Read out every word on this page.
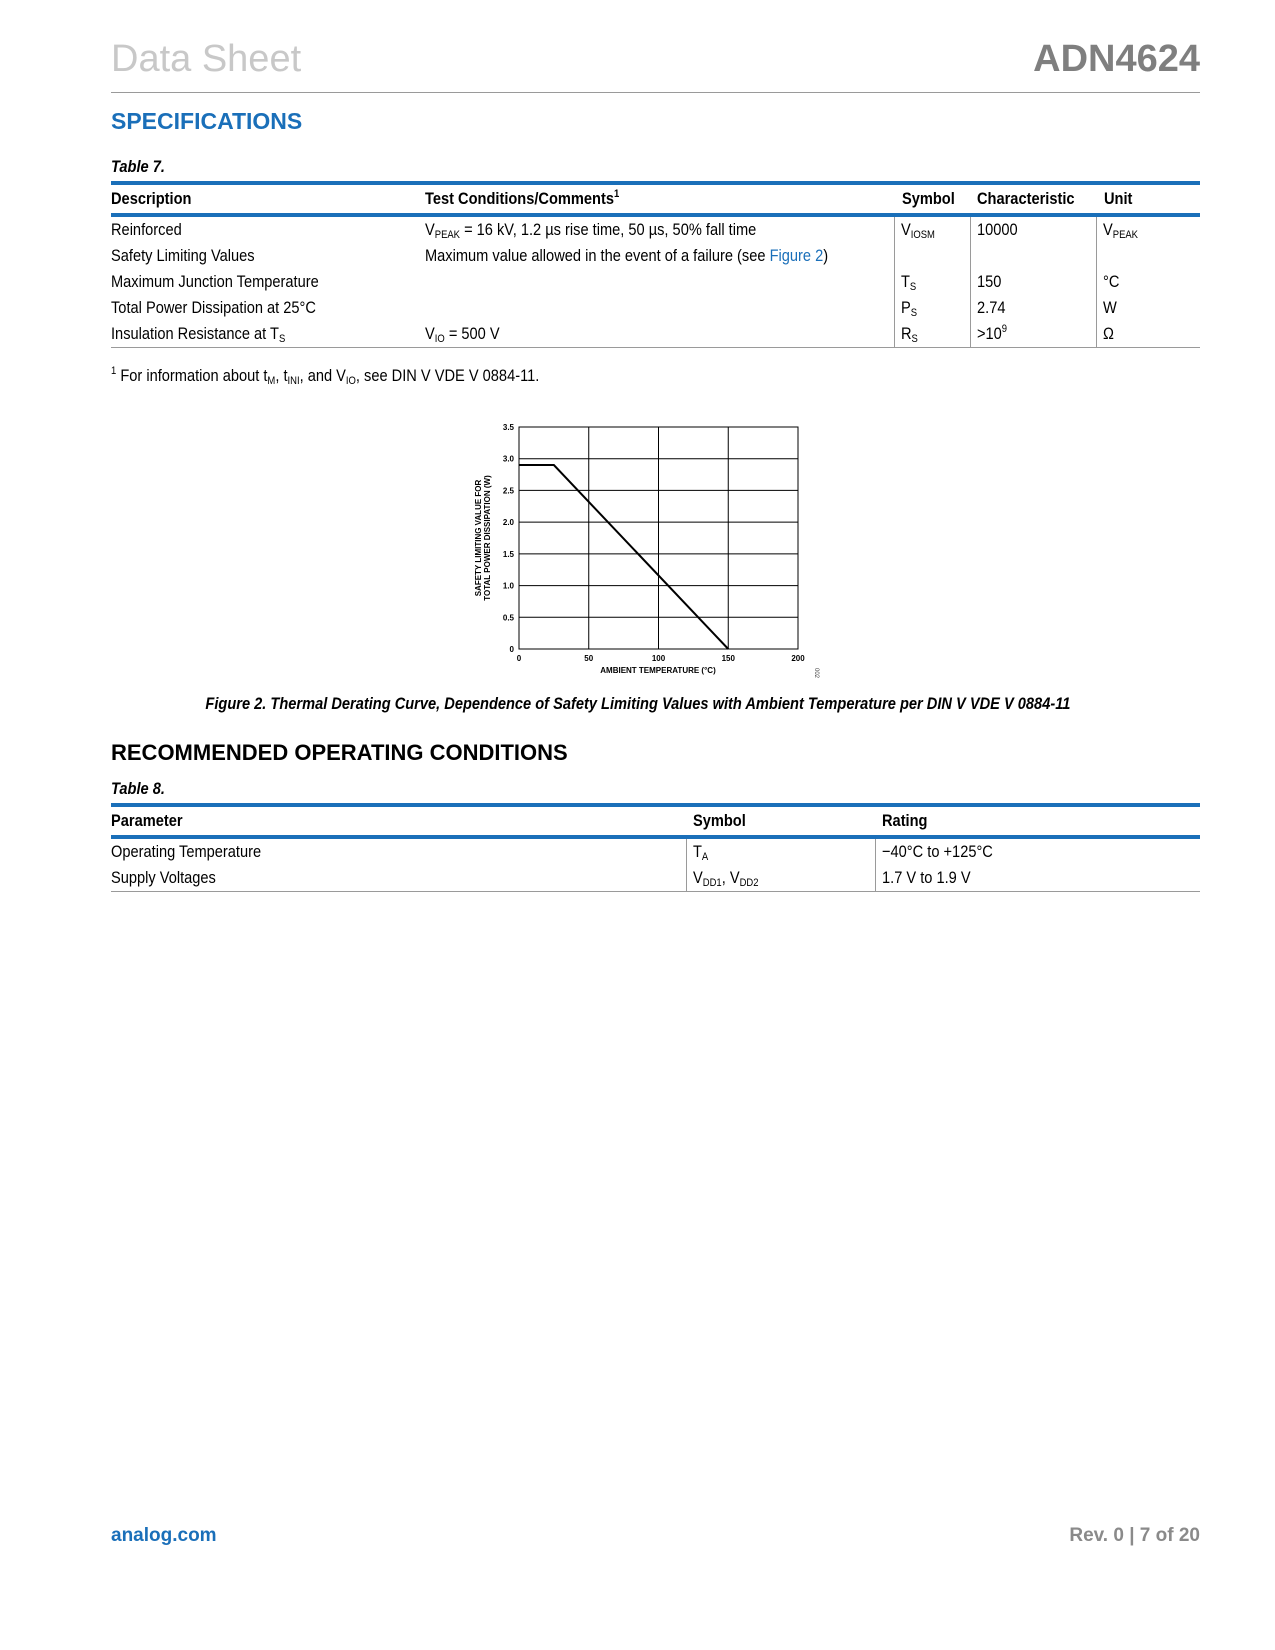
Data Sheet	ADN4624
SPECIFICATIONS
Table 7.
Description	Test Conditions/Comments$^1$	Symbol	Characteristic	Unit
Reinforced	$V_{PEAK} = 16$ kV, 1.2 µs rise time, 50 µs, 50% fall time	$V_{IOSM}$	10000	$V_{PEAK}$
Safety Limiting Values	Maximum value allowed in the event of a failure (see Figure 2)			
Maximum Junction Temperature		$T_S$	150	°C
Total Power Dissipation at 25°C		$P_S$	2.74	W
Insulation Resistance at $T_S$	$V_{IO} = 500$ V	$R_S$	$>10^9$	Ω
$^1$ For information about $t_M$, $t_{INI}$, and $V_{IO}$, see DIN V VDE V 0884-11.
0	50	100	150	200
0
0.5
1.0
1.5
2.0
2.5
3.0
3.5
AMBIENT TEMPERATURE (°C)
SAFETY LIMITING VALUE FOR TOTAL POWER DISSIPATION (W)
002
Figure 2. Thermal Derating Curve, Dependence of Safety Limiting Values with Ambient Temperature per DIN V VDE V 0884-11
RECOMMENDED OPERATING CONDITIONS
Table 8.
Parameter	Symbol	Rating
Operating Temperature	$T_A$	−40°C to +125°C
Supply Voltages	$V_{DD1}$, $V_{DD2}$	1.7 V to 1.9 V
analog.com	Rev. 0 | 7 of 20
